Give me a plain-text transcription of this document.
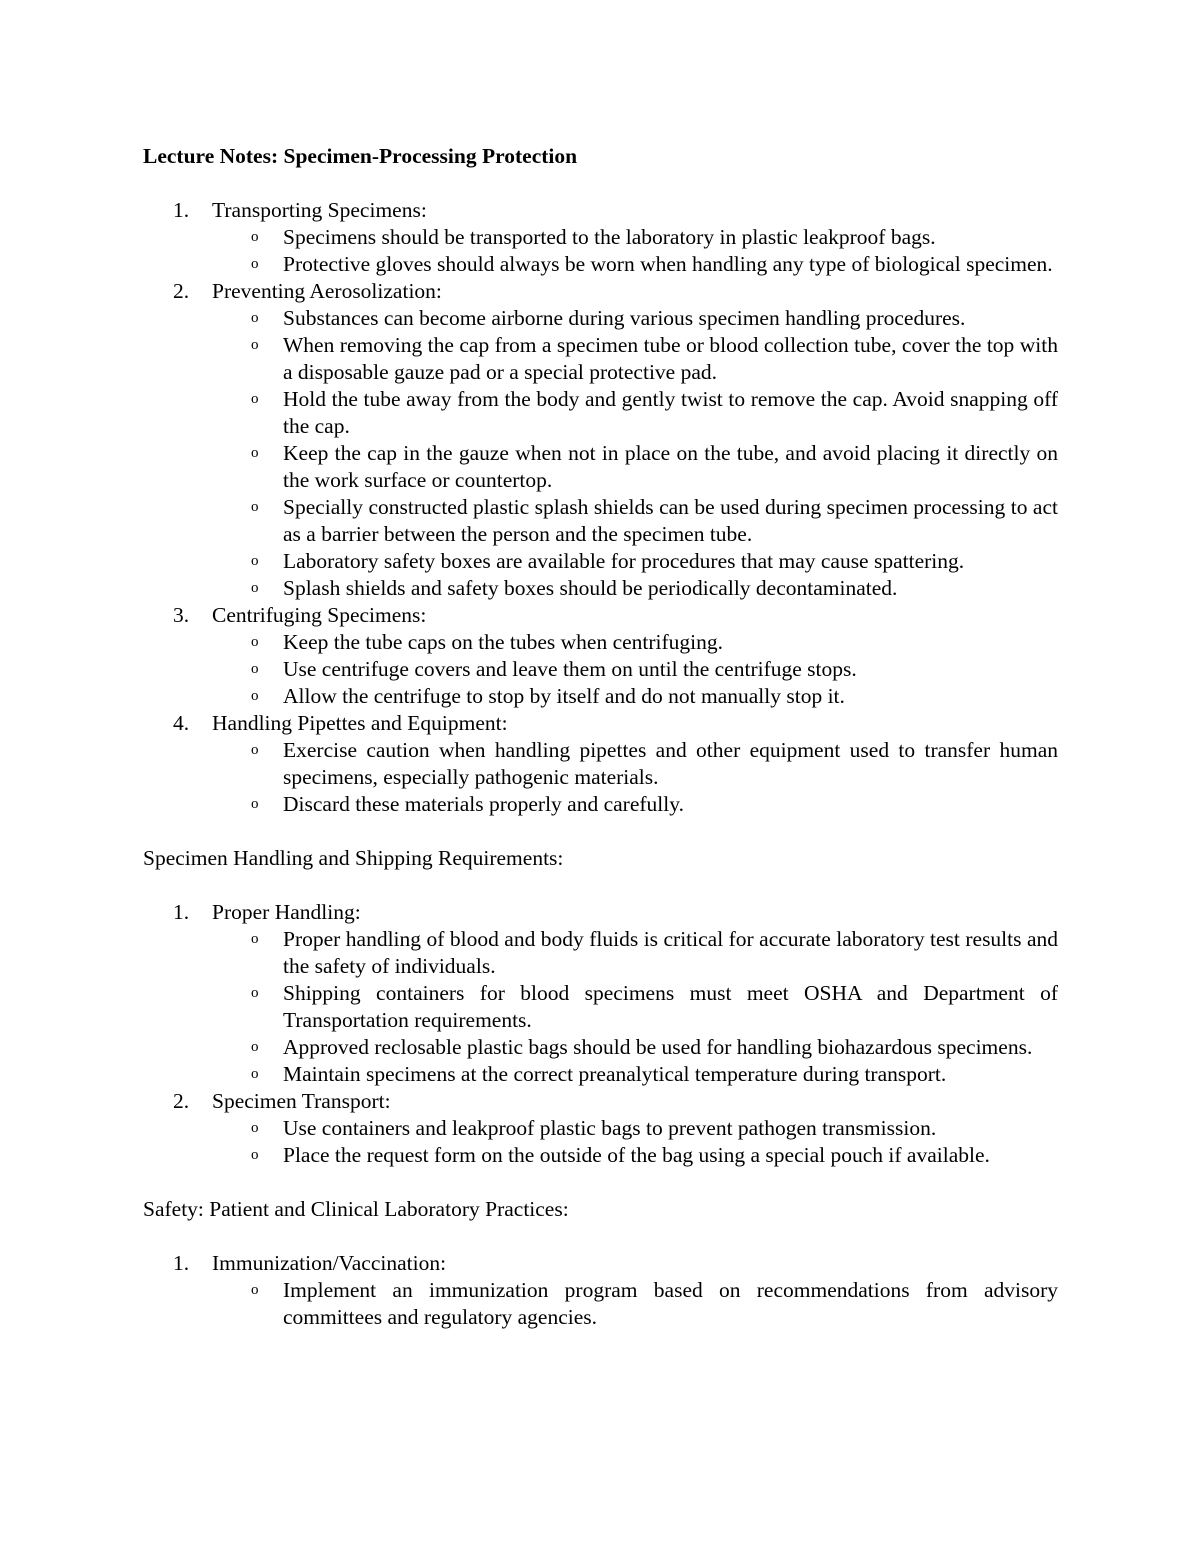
Lecture Notes: Specimen-Processing Protection

1.	Transporting Specimens:
o Specimens should be transported to the laboratory in plastic leakproof bags.
o Protective gloves should always be worn when handling any type of biological specimen.
2.	Preventing Aerosolization:
o Substances can become airborne during various specimen handling procedures.
o When removing the cap from a specimen tube or blood collection tube, cover the top with a disposable gauze pad or a special protective pad.
o Hold the tube away from the body and gently twist to remove the cap. Avoid snapping off the cap.
o Keep the cap in the gauze when not in place on the tube, and avoid placing it directly on the work surface or countertop.
o Specially constructed plastic splash shields can be used during specimen processing to act as a barrier between the person and the specimen tube.
o Laboratory safety boxes are available for procedures that may cause spattering.
o Splash shields and safety boxes should be periodically decontaminated.
3.	Centrifuging Specimens:
o Keep the tube caps on the tubes when centrifuging.
o Use centrifuge covers and leave them on until the centrifuge stops.
o Allow the centrifuge to stop by itself and do not manually stop it.
4.	Handling Pipettes and Equipment:
o Exercise caution when handling pipettes and other equipment used to transfer human specimens, especially pathogenic materials.
o Discard these materials properly and carefully.

Specimen Handling and Shipping Requirements:

1.	Proper Handling:
o Proper handling of blood and body fluids is critical for accurate laboratory test results and the safety of individuals.
o Shipping containers for blood specimens must meet OSHA and Department of Transportation requirements.
o Approved reclosable plastic bags should be used for handling biohazardous specimens.
o Maintain specimens at the correct preanalytical temperature during transport.
2.	Specimen Transport:
o Use containers and leakproof plastic bags to prevent pathogen transmission.
o Place the request form on the outside of the bag using a special pouch if available.

Safety: Patient and Clinical Laboratory Practices:

1.	Immunization/Vaccination:
o Implement an immunization program based on recommendations from advisory committees and regulatory agencies.
